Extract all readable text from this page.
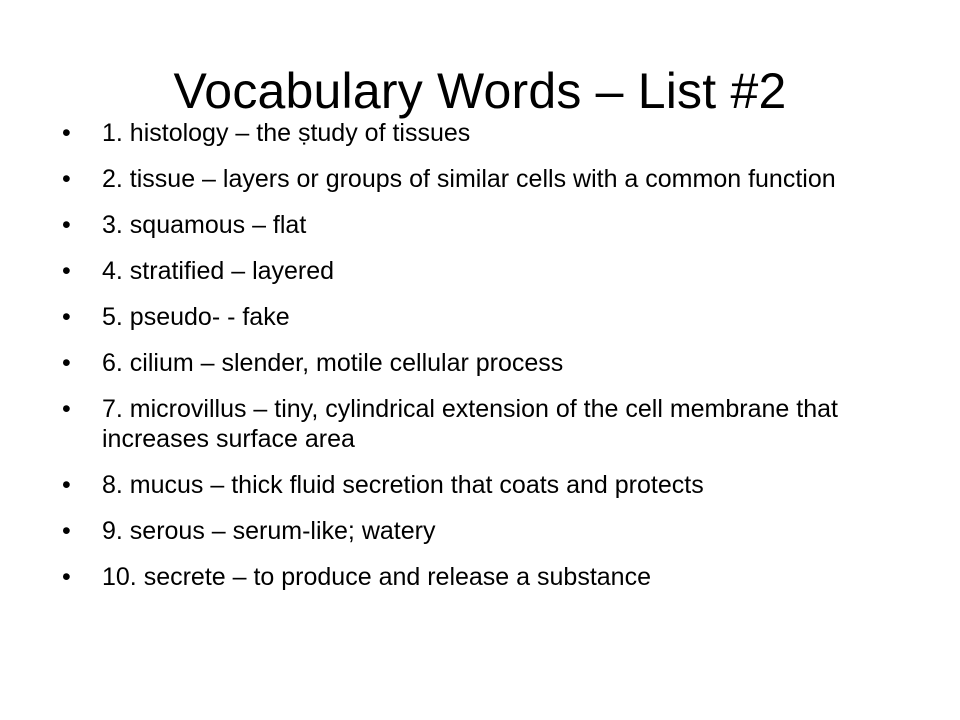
Vocabulary Words – List #2
•	1. histology – the ṣtudy of tissues
•	2. tissue – layers or groups of similar cells with a common function
•	3. squamous – flat
•	4. stratified – layered
•	5. pseudo- - fake
•	6. cilium – slender, motile cellular process
•	7. microvillus – tiny, cylindrical extension of the cell membrane that increases surface area
•	8. mucus – thick fluid secretion that coats and protects
•	9. serous – serum-like; watery
•	10. secrete – to produce and release a substance
